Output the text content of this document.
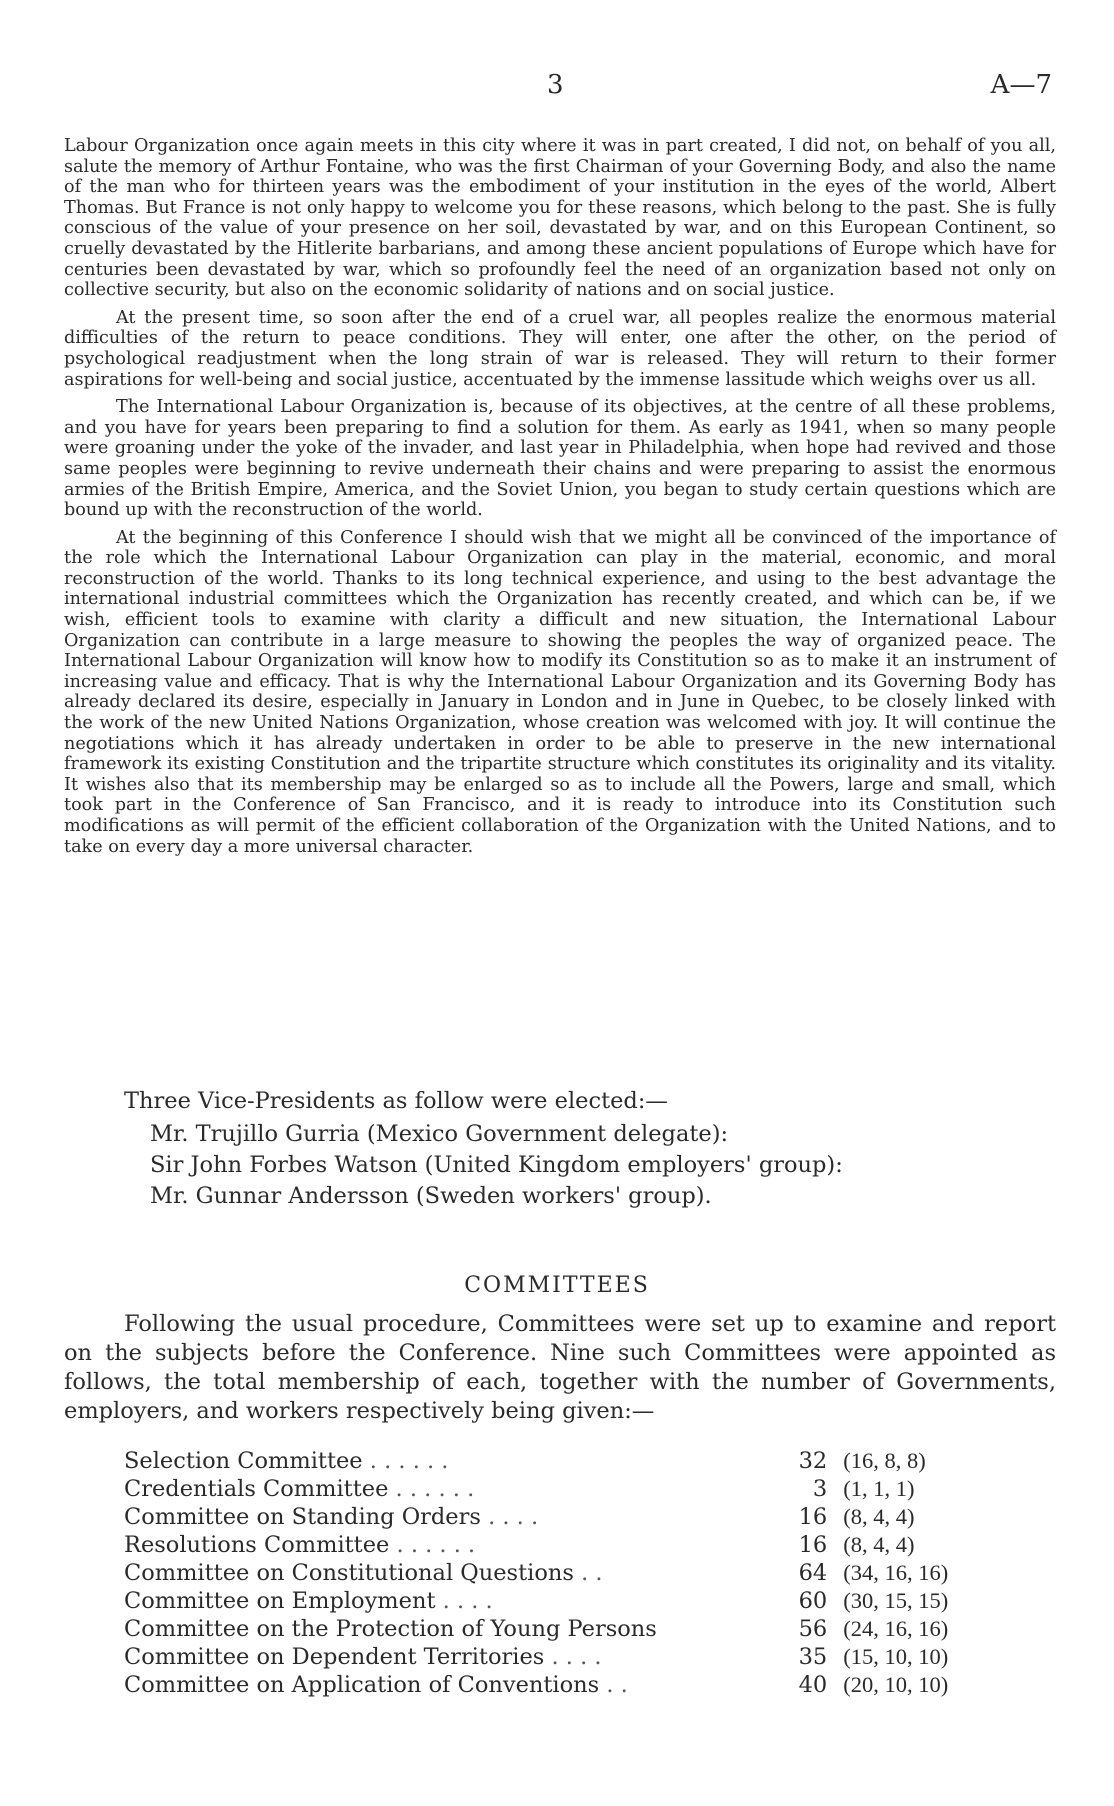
3	A—7

Labour Organization once again meets in this city where it was in part created, I did not, on behalf of you all, salute the memory of Arthur Fontaine, who was the first Chairman of your Governing Body, and also the name of the man who for thirteen years was the embodiment of your institution in the eyes of the world, Albert Thomas. But France is not only happy to welcome you for these reasons, which belong to the past. She is fully conscious of the value of your presence on her soil, devastated by war, and on this European Continent, so cruelly devastated by the Hitlerite barbarians, and among these ancient populations of Europe which have for centuries been devastated by war, which so profoundly feel the need of an organization based not only on collective security, but also on the economic solidarity of nations and on social justice.

At the present time, so soon after the end of a cruel war, all peoples realize the enormous material difficulties of the return to peace conditions. They will enter, one after the other, on the period of psychological readjustment when the long strain of war is released. They will return to their former aspirations for well-being and social justice, accentuated by the immense lassitude which weighs over us all.

The International Labour Organization is, because of its objectives, at the centre of all these problems, and you have for years been preparing to find a solution for them. As early as 1941, when so many people were groaning under the yoke of the invader, and last year in Philadelphia, when hope had revived and those same peoples were beginning to revive underneath their chains and were preparing to assist the enormous armies of the British Empire, America, and the Soviet Union, you began to study certain questions which are bound up with the reconstruction of the world.

At the beginning of this Conference I should wish that we might all be convinced of the importance of the role which the International Labour Organization can play in the material, economic, and moral reconstruction of the world. Thanks to its long technical experience, and using to the best advantage the international industrial committees which the Organization has recently created, and which can be, if we wish, efficient tools to examine with clarity a difficult and new situation, the International Labour Organization can contribute in a large measure to showing the peoples the way of organized peace. The International Labour Organization will know how to modify its Constitution so as to make it an instrument of increasing value and efficacy. That is why the International Labour Organization and its Governing Body has already declared its desire, especially in January in London and in June in Quebec, to be closely linked with the work of the new United Nations Organization, whose creation was welcomed with joy. It will continue the negotiations which it has already undertaken in order to be able to preserve in the new international framework its existing Constitution and the tripartite structure which constitutes its originality and its vitality. It wishes also that its membership may be enlarged so as to include all the Powers, large and small, which took part in the Conference of San Francisco, and it is ready to introduce into its Constitution such modifications as will permit of the efficient collaboration of the Organization with the United Nations, and to take on every day a more universal character.

Three Vice-Presidents as follow were elected:—

Mr. Trujillo Gurria (Mexico Government delegate):
Sir John Forbes Watson (United Kingdom employers' group):
Mr. Gunnar Andersson (Sweden workers' group).
COMMITTEES

Following the usual procedure, Committees were set up to examine and report on the subjects before the Conference. Nine such Committees were appointed as follows, the total membership of each, together with the number of Governments, employers, and workers respectively being given:—

Selection Committee . . . . . .	32	(16, 8, 8)
Credentials Committee . . . . . .	3	(1, 1, 1)
Committee on Standing Orders . . . .	16	(8, 4, 4)
Resolutions Committee . . . . . .	16	(8, 4, 4)
Committee on Constitutional Questions . .	64	(34, 16, 16)
Committee on Employment . . . .	60	(30, 15, 15)
Committee on the Protection of Young Persons	56	(24, 16, 16)
Committee on Dependent Territories . . . .	35	(15, 10, 10)
Committee on Application of Conventions . .	40	(20, 10, 10)
